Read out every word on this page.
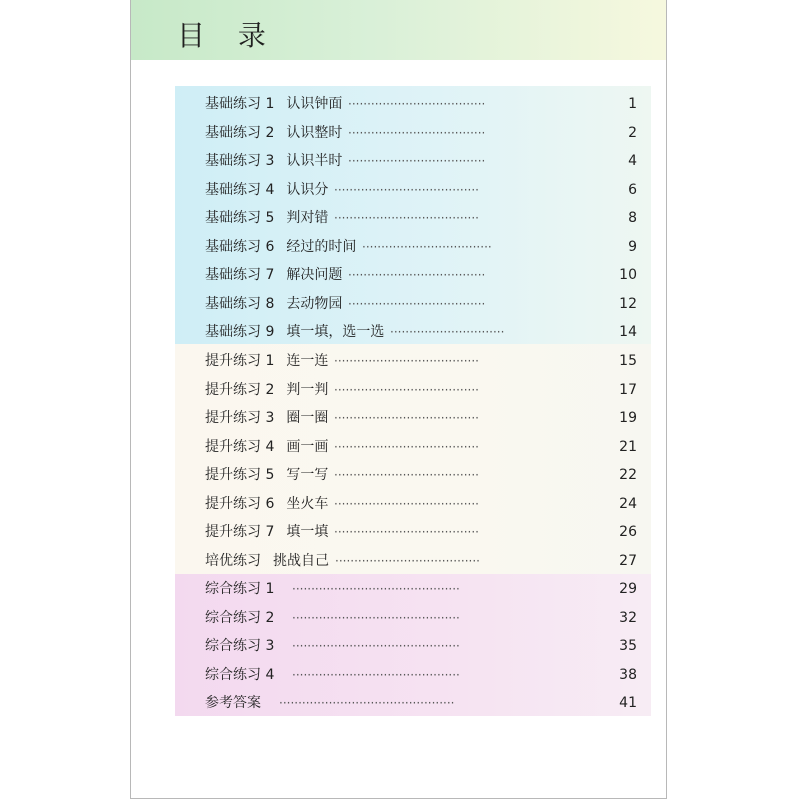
目 录
基础练习 1 认识钟面 ····································	1
基础练习 2 认识整时 ····································	2
基础练习 3 认识半时 ····································	4
基础练习 4 认识分 ······································	6
基础练习 5 判对错 ······································	8
基础练习 6 经过的时间 ··································	9
基础练习 7 解决问题 ····································	10
基础练习 8 去动物园 ····································	12
基础练习 9 填一填，选一选 ······························	14
提升练习 1 连一连 ······································	15
提升练习 2 判一判 ······································	17
提升练习 3 圈一圈 ······································	19
提升练习 4 画一画 ······································	21
提升练习 5 写一写 ······································	22
提升练习 6 坐火车 ······································	24
提升练习 7 填一填 ······································	26
培优练习 挑战自己 ······································	27
综合练习 1	············································	29
综合练习 2	············································	32
综合练习 3	············································	35
综合练习 4	············································	38
参考答案	··············································	41
